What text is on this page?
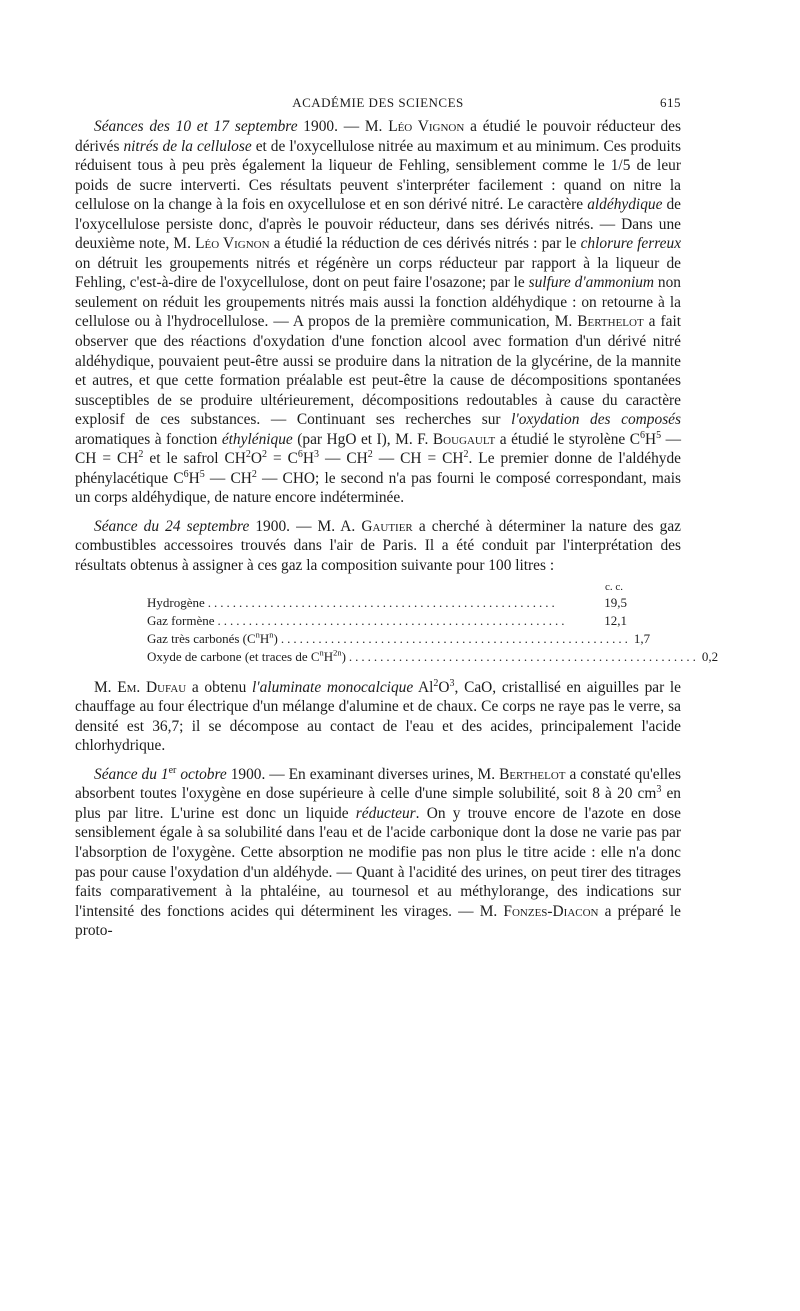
ACADÉMIE DES SCIENCES	615

Séances des 10 et 17 septembre 1900. — M. Léo Vignon a étudié le pouvoir réducteur des dérivés nitrés de la cellulose et de l'oxycellulose nitrée au maximum et au minimum. Ces produits réduisent tous à peu près également la liqueur de Fehling, sensiblement comme le 1/5 de leur poids de sucre interverti. Ces résultats peuvent s'interpréter facilement : quand on nitre la cellulose on la change à la fois en oxycellulose et en son dérivé nitré. Le caractère aldéhydique de l'oxycellulose persiste donc, d'après le pouvoir réducteur, dans ses dérivés nitrés. — Dans une deuxième note, M. Léo Vignon a étudié la réduction de ces dérivés nitrés : par le chlorure ferreux on détruit les groupements nitrés et régénère un corps réducteur par rapport à la liqueur de Fehling, c'est-à-dire de l'oxycellulose, dont on peut faire l'osazone; par le sulfure d'ammonium non seulement on réduit les groupements nitrés mais aussi la fonction aldéhydique : on retourne à la cellulose ou à l'hydrocellulose. — A propos de la première communication, M. Berthelot a fait observer que des réactions d'oxydation d'une fonction alcool avec formation d'un dérivé nitré aldéhydique, pouvaient peut-être aussi se produire dans la nitration de la glycérine, de la mannite et autres, et que cette formation préalable est peut-être la cause de décompositions spontanées susceptibles de se produire ultérieurement, décompositions redoutables à cause du caractère explosif de ces substances. — Continuant ses recherches sur l'oxydation des composés aromatiques à fonction éthylénique (par HgO et I), M. F. Bougault a étudié le styrolène $C^6H^5$ — CH = $CH^2$ et le safrol $CH^2O^2 = C^6H^3$ — $CH^2$ — CH = $CH^2$. Le premier donne de l'aldéhyde phénylacétique $C^6H^5$ — $CH^2$ — CHO; le second n'a pas fourni le composé correspondant, mais un corps aldéhydique, de nature encore indéterminée.

Séance du 24 septembre 1900. — M. A. Gautier a cherché à déterminer la nature des gaz combustibles accessoires trouvés dans l'air de Paris. Il a été conduit par l'interprétation des résultats obtenus à assigner à ces gaz la composition suivante pour 100 litres :

c. c.
Hydrogène ........................................................	19,5
Gaz formène ........................................................	12,1
Gaz très carbonés $(C^nH^n)$ ........................................................ 1,7
Oxyde de carbone (et traces de $C^nH^{2n}$) ........................................................ 0,2

M. Em. Dufau a obtenu l'aluminate monocalcique $Al^2O^3$, CaO, cristallisé en aiguilles par le chauffage au four électrique d'un mélange d'alumine et de chaux. Ce corps ne raye pas le verre, sa densité est 36,7; il se décompose au contact de l'eau et des acides, principalement l'acide chlorhydrique.

Séance du 1er octobre 1900. — En examinant diverses urines, M. Berthelot a constaté qu'elles absorbent toutes l'oxygène en dose supérieure à celle d'une simple solubilité, soit 8 à 20 $cm^3$ en plus par litre. L'urine est donc un liquide réducteur. On y trouve encore de l'azote en dose sensiblement égale à sa solubilité dans l'eau et de l'acide carbonique dont la dose ne varie pas par l'absorption de l'oxygène. Cette absorption ne modifie pas non plus le titre acide : elle n'a donc pas pour cause l'oxydation d'un aldéhyde. — Quant à l'acidité des urines, on peut tirer des titrages faits comparativement à la phtaléine, au tournesol et au méthylorange, des indications sur l'intensité des fonctions acides qui déterminent les virages. — M. Fonzes-Diacon a préparé le proto-
